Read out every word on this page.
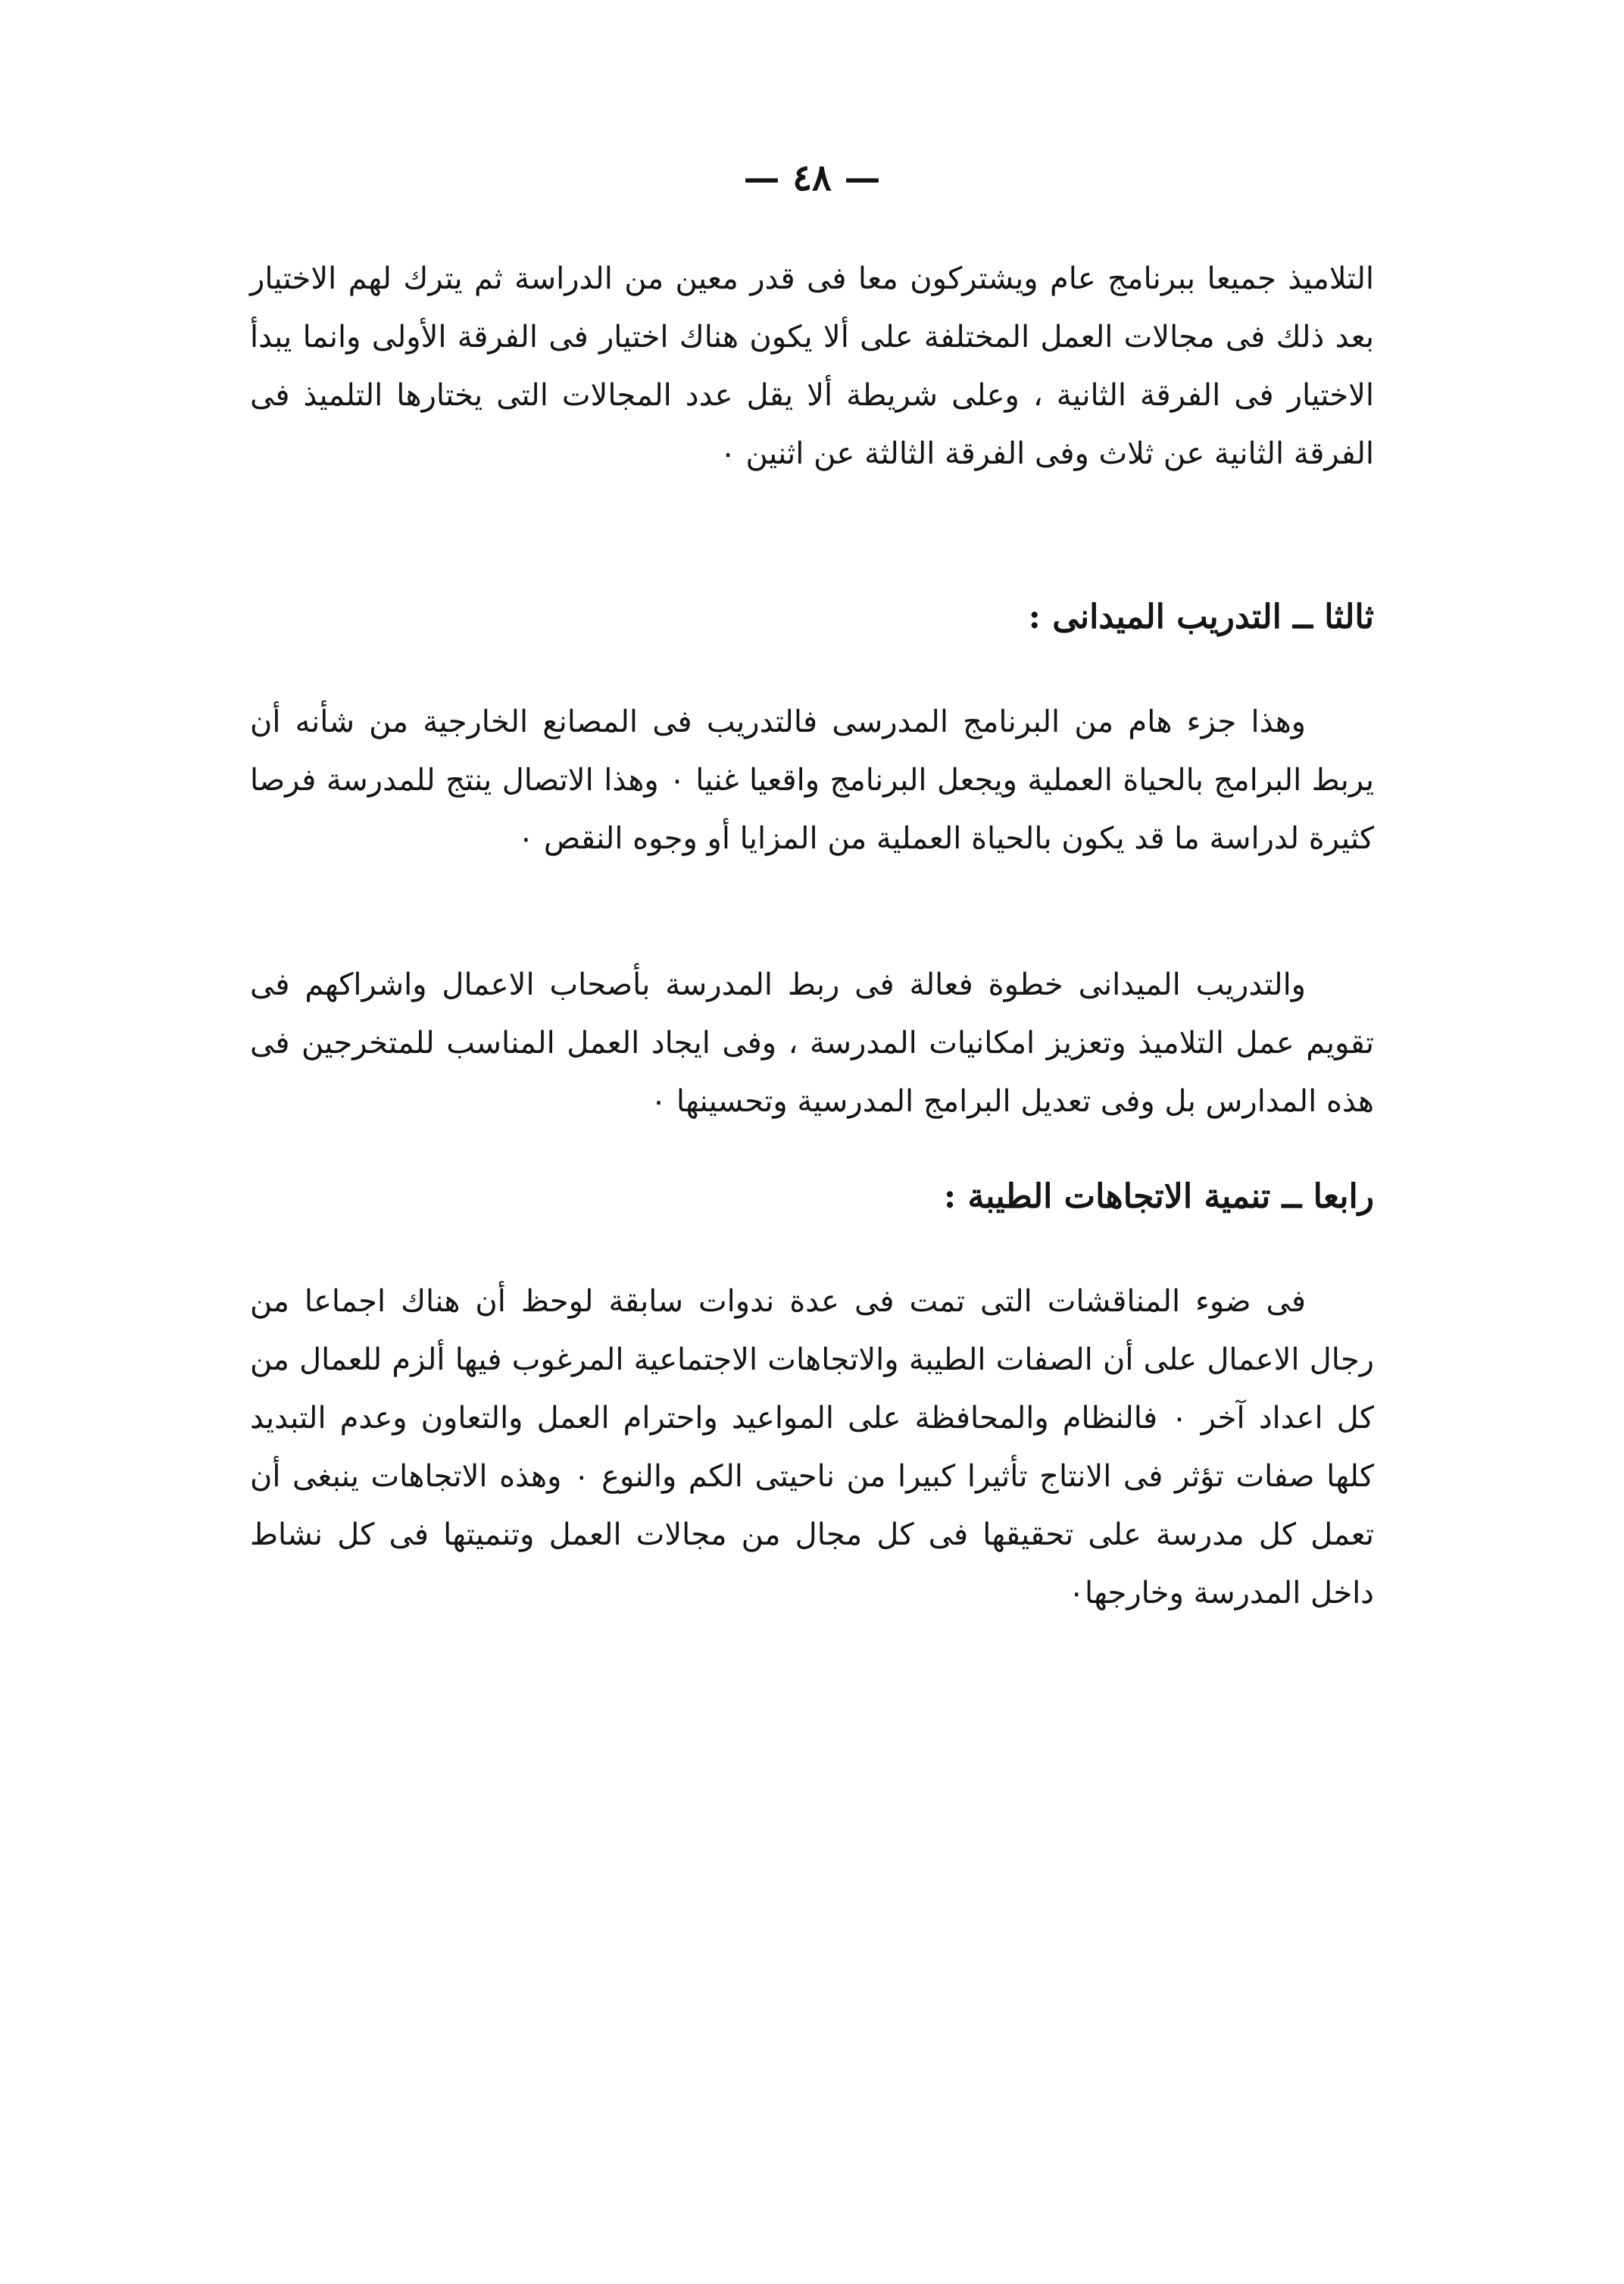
— ٤٨ —

التلاميذ جميعا ببرنامج عام ويشتركون معا فى قدر معين من الدراسة ثم يترك لهم الاختيار بعد ذلك فى مجالات العمل المختلفة على ألا يكون هناك اختيار فى الفرقة الأولى وانما يبدأ الاختيار فى الفرقة الثانية ، وعلى شريطة ألا يقل عدد المجالات التى يختارها التلميذ فى الفرقة الثانية عن ثلاث وفى الفرقة الثالثة عن اثنين ٠

ثالثا ــ التدريب الميدانى :

وهذا جزء هام من البرنامج المدرسى فالتدريب فى المصانع الخارجية من شأنه أن يربط البرامج بالحياة العملية ويجعل البرنامج واقعيا غنيا ٠ وهذا الاتصال ينتج للمدرسة فرصا كثيرة لدراسة ما قد يكون بالحياة العملية من المزايا أو وجوه النقص ٠

والتدريب الميدانى خطوة فعالة فى ربط المدرسة بأصحاب الاعمال واشراكهم فى تقويم عمل التلاميذ وتعزيز امكانيات المدرسة ، وفى ايجاد العمل المناسب للمتخرجين فى هذه المدارس بل وفى تعديل البرامج المدرسية وتحسينها ٠

رابعا ــ تنمية الاتجاهات الطيبة :

فى ضوء المناقشات التى تمت فى عدة ندوات سابقة لوحظ أن هناك اجماعا من رجال الاعمال على أن الصفات الطيبة والاتجاهات الاجتماعية المرغوب فيها ألزم للعمال من كل اعداد آخر ٠ فالنظام والمحافظة على المواعيد واحترام العمل والتعاون وعدم التبديد كلها صفات تؤثر فى الانتاج تأثيرا كبيرا من ناحيتى الكم والنوع ٠ وهذه الاتجاهات ينبغى أن تعمل كل مدرسة على تحقيقها فى كل مجال من مجالات العمل وتنميتها فى كل نشاط داخل المدرسة وخارجها٠
